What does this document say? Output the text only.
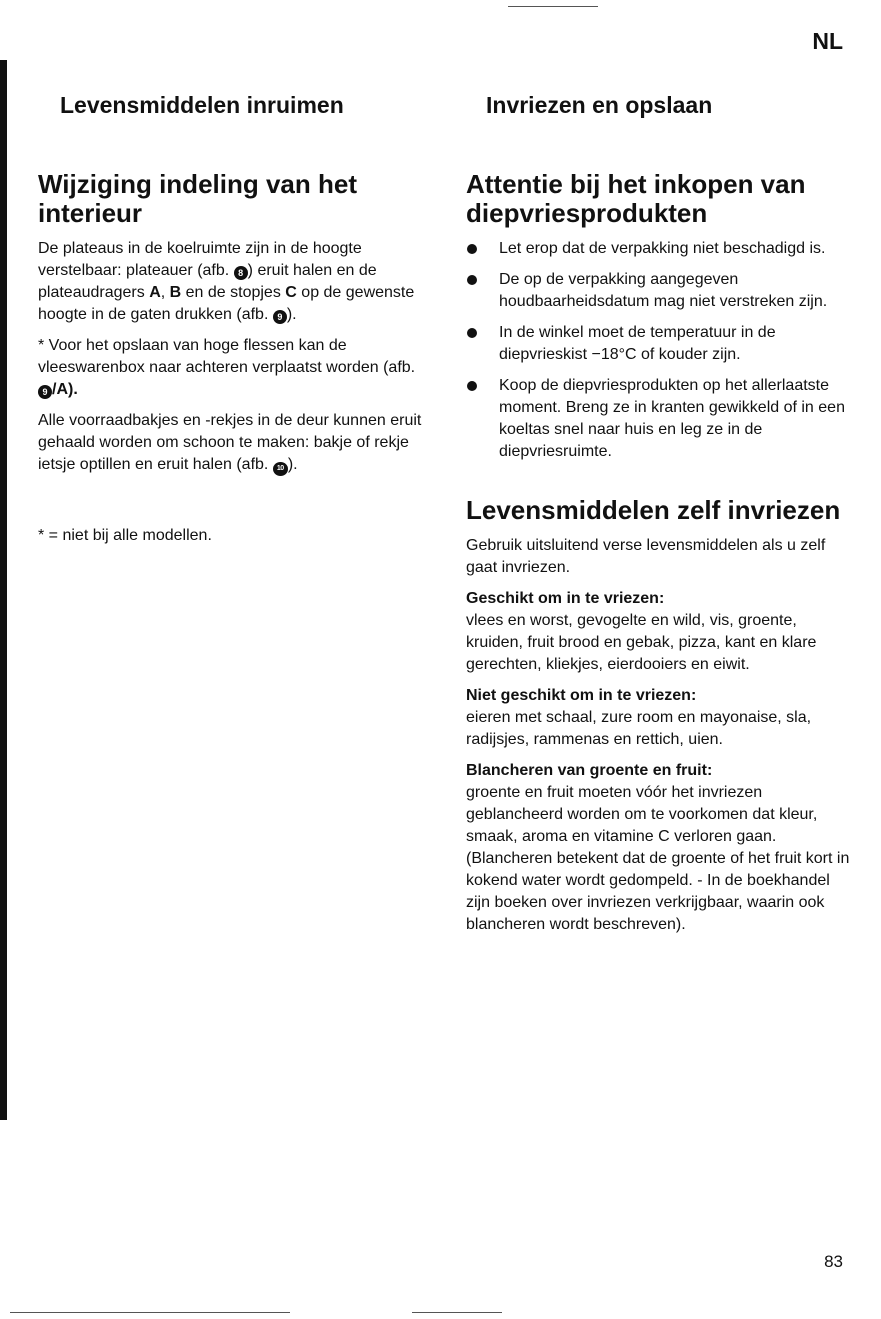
NL
Levensmiddelen inruimen	Invriezen en opslaan
Wijziging indeling van het interieur

De plateaus in de koelruimte zijn in de hoogte verstelbaar: plateauer (afb. 8 ) eruit halen en de plateaudragers A, B en de stopjes C op de gewenste hoogte in de gaten drukken (afb. 9 ).

* Voor het opslaan van hoge flessen kan de vleeswarenbox naar achteren verplaatst worden (afb. 9 /A).

Alle voorraadbakjes en -rekjes in de deur kunnen eruit gehaald worden om schoon te maken: bakje of rekje ietsje optillen en eruit halen (afb. 10 ).

* = niet bij alle modellen.

Attentie bij het inkopen van diepvriesprodukten
Let erop dat de verpakking niet beschadigd is.
De op de verpakking aangegeven houdbaarheidsdatum mag niet verstreken zijn.
In de winkel moet de temperatuur in de diepvrieskist −18°C of kouder zijn.
Koop de diepvriesprodukten op het allerlaatste moment. Breng ze in kranten gewikkeld of in een koeltas snel naar huis en leg ze in de diepvriesruimte.
Levensmiddelen zelf invriezen

Gebruik uitsluitend verse levensmiddelen als u zelf gaat invriezen.

Geschikt om in te vriezen:

vlees en worst, gevogelte en wild, vis, groente, kruiden, fruit brood en gebak, pizza, kant en klare gerechten, kliekjes, eierdooiers en eiwit.

Niet geschikt om in te vriezen:

eieren met schaal, zure room en mayonaise, sla, radijsjes, rammenas en rettich, uien.

Blancheren van groente en fruit:

groente en fruit moeten vóór het invriezen geblancheerd worden om te voorkomen dat kleur, smaak, aroma en vitamine C verloren gaan.

(Blancheren betekent dat de groente of het fruit kort in kokend water wordt gedompeld. - In de boekhandel zijn boeken over invriezen verkrijgbaar, waarin ook blancheren wordt beschreven).

83
